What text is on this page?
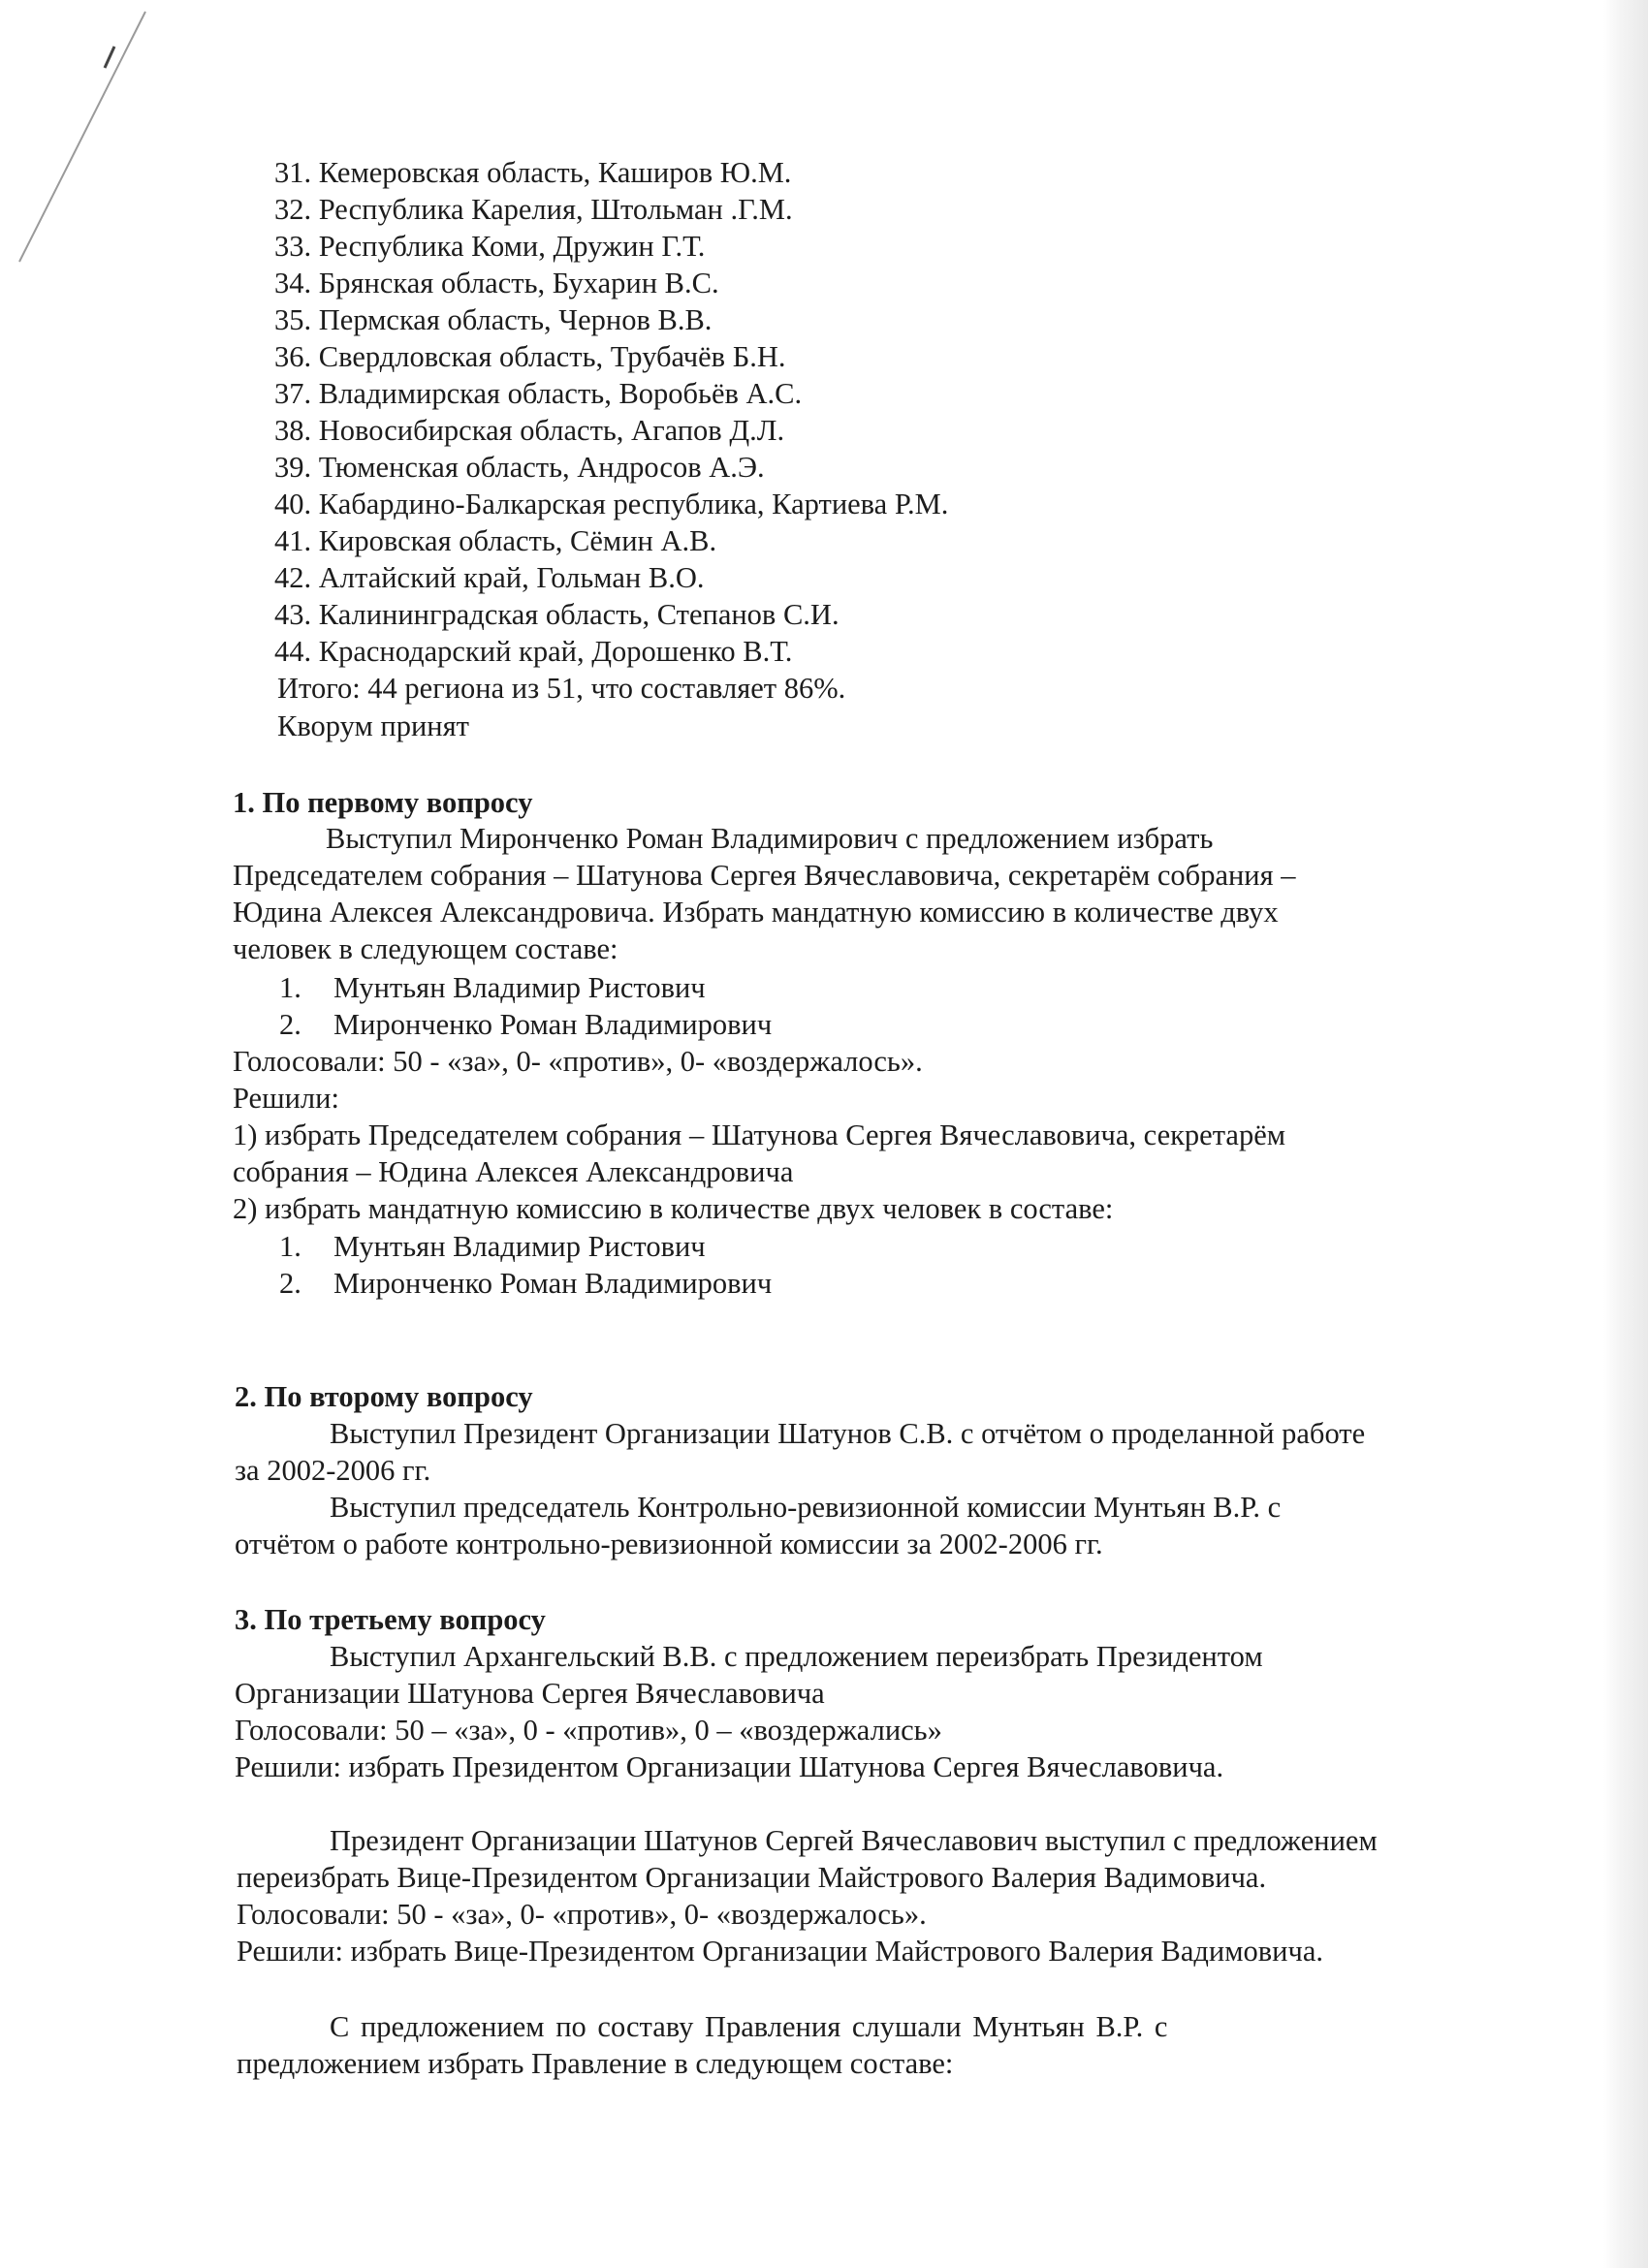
31. Кемеровская область, Каширов Ю.М.
32. Республика Карелия, Штольман .Г.М.
33. Республика Коми, Дружин Г.Т.
34. Брянская область, Бухарин В.С.
35. Пермская область, Чернов В.В.
36. Свердловская область, Трубачёв Б.Н.
37. Владимирская область, Воробьёв А.С.
38. Новосибирская область, Агапов Д.Л.
39. Тюменская область, Андросов А.Э.
40. Кабардино-Балкарская республика, Картиева Р.М.
41. Кировская область, Сёмин А.В.
42. Алтайский край, Гольман В.О.
43. Калининградская область, Степанов С.И.
44. Краснодарский край, Дорошенко В.Т.
Итого: 44 региона из 51, что составляет 86%.
Кворум принят
1. По первому вопросу
Выступил Миронченко Роман Владимирович с предложением избрать
Председателем собрания – Шатунова Сергея Вячеславовича, секретарём собрания –
Юдина Алексея Александровича. Избрать мандатную комиссию в количестве двух
человек в следующем составе:
1. Мунтьян Владимир Ристович
2. Миронченко Роман Владимирович
Голосовали: 50 - «за», 0- «против», 0- «воздержалось».
Решили:
1) избрать Председателем собрания – Шатунова Сергея Вячеславовича, секретарём
собрания – Юдина Алексея Александровича
2) избрать мандатную комиссию в количестве двух человек в составе:
1. Мунтьян Владимир Ристович
2. Миронченко Роман Владимирович
2. По второму вопросу
Выступил Президент Организации Шатунов С.В. с отчётом о проделанной работе
за 2002-2006 гг.
Выступил председатель Контрольно-ревизионной комиссии Мунтьян В.Р. с
отчётом о работе контрольно-ревизионной комиссии за 2002-2006 гг.
3. По третьему вопросу
Выступил Архангельский В.В. с предложением переизбрать Президентом
Организации Шатунова Сергея Вячеславовича
Голосовали: 50 – «за», 0 - «против», 0 – «воздержались»
Решили: избрать Президентом Организации Шатунова Сергея Вячеславовича.
Президент Организации Шатунов Сергей Вячеславович выступил с предложением
переизбрать Вице-Президентом Организации Майстрового Валерия Вадимовича.
Голосовали: 50 - «за», 0- «против», 0- «воздержалось».
Решили: избрать Вице-Президентом Организации Майстрового Валерия Вадимовича.
С предложением по составу Правления слушали Мунтьян В.Р. с
предложением избрать Правление в следующем составе:
